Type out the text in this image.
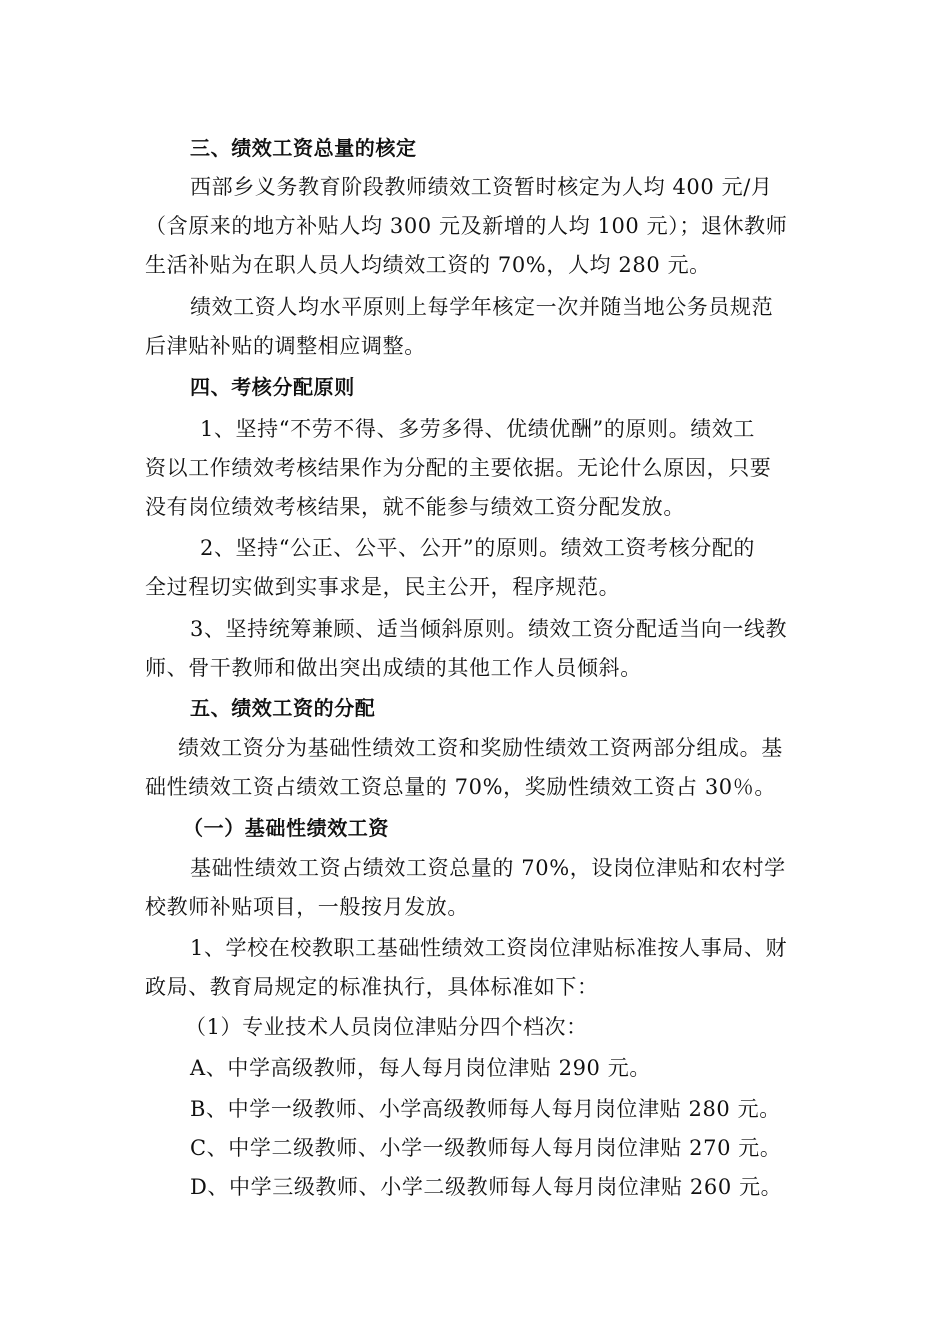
三、绩效工资总量的核定
西部乡义务教育阶段教师绩效工资暂时核定为人均 400 元/月
（含原来的地方补贴人均 300 元及新增的人均 100 元）；退休教师
生活补贴为在职人员人均绩效工资的 70%，人均 280 元。
绩效工资人均水平原则上每学年核定一次并随当地公务员规范
后津贴补贴的调整相应调整。
四、考核分配原则
1、坚持“不劳不得、多劳多得、优绩优酬”的原则。绩效工
资以工作绩效考核结果作为分配的主要依据。无论什么原因，只要
没有岗位绩效考核结果，就不能参与绩效工资分配发放。
2、坚持“公正、公平、公开”的原则。绩效工资考核分配的
全过程切实做到实事求是，民主公开，程序规范。
3、坚持统筹兼顾、适当倾斜原则。绩效工资分配适当向一线教
师、骨干教师和做出突出成绩的其他工作人员倾斜。
五、绩效工资的分配
绩效工资分为基础性绩效工资和奖励性绩效工资两部分组成。基
础性绩效工资占绩效工资总量的 70%，奖励性绩效工资占 30％。
（一）基础性绩效工资
基础性绩效工资占绩效工资总量的 70%，设岗位津贴和农村学
校教师补贴项目，一般按月发放。
1、学校在校教职工基础性绩效工资岗位津贴标准按人事局、财
政局、教育局规定的标准执行，具体标准如下：
（1）专业技术人员岗位津贴分四个档次：
A、中学高级教师，每人每月岗位津贴 290 元。
B、中学一级教师、小学高级教师每人每月岗位津贴 280 元。
C、中学二级教师、小学一级教师每人每月岗位津贴 270 元。
D、中学三级教师、小学二级教师每人每月岗位津贴 260 元。
